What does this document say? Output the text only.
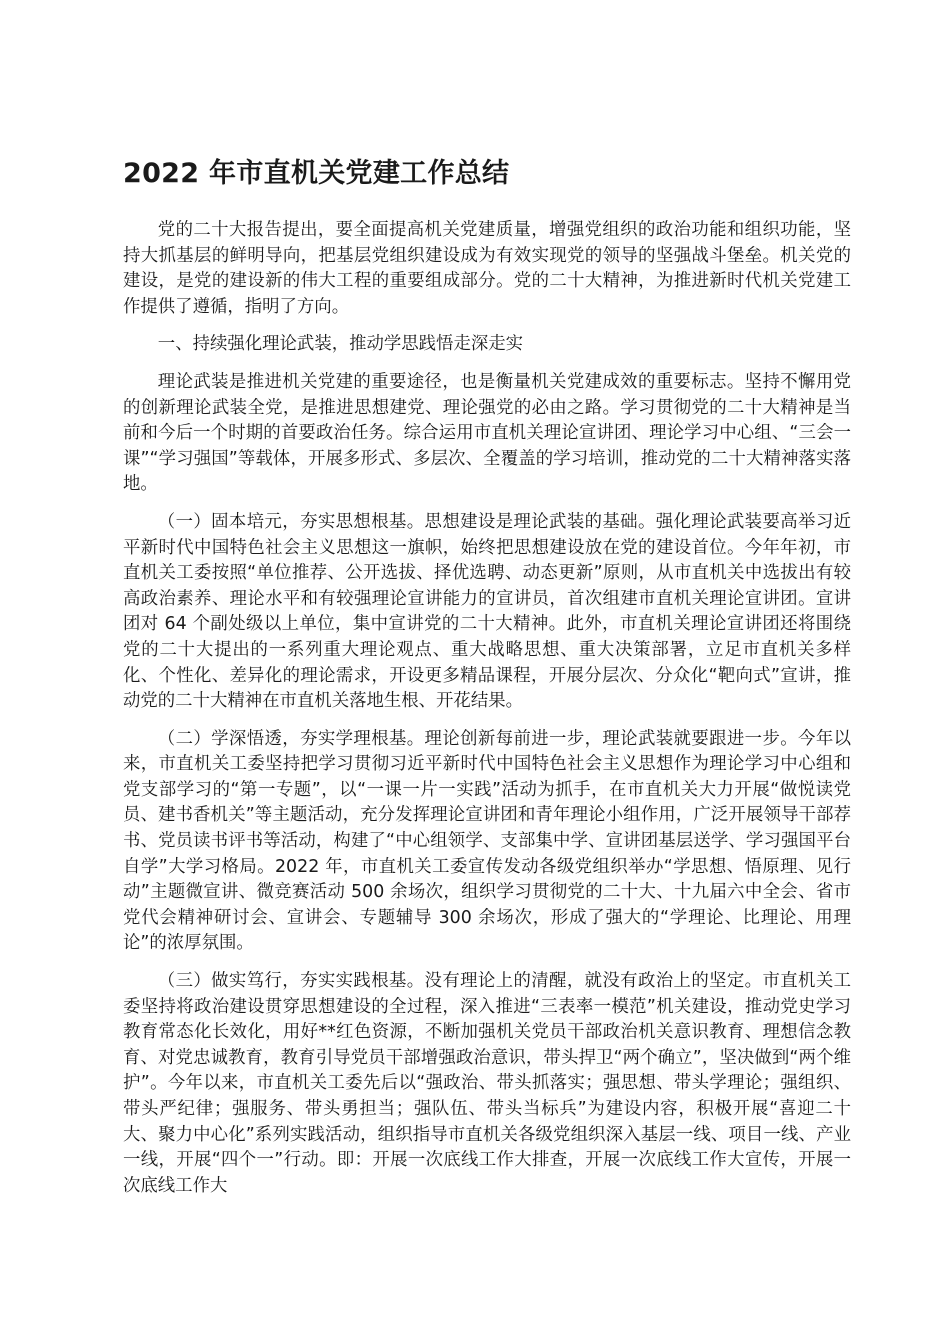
2022 年市直机关党建工作总结

党的二十大报告提出，要全面提高机关党建质量，增强党组织的政治功能和组织功能，坚持大抓基层的鲜明导向，把基层党组织建设成为有效实现党的领导的坚强战斗堡垒。机关党的建设，是党的建设新的伟大工程的重要组成部分。党的二十大精神，为推进新时代机关党建工作提供了遵循，指明了方向。

一、持续强化理论武装，推动学思践悟走深走实

理论武装是推进机关党建的重要途径，也是衡量机关党建成效的重要标志。坚持不懈用党的创新理论武装全党，是推进思想建党、理论强党的必由之路。学习贯彻党的二十大精神是当前和今后一个时期的首要政治任务。综合运用市直机关理论宣讲团、理论学习中心组、“三会一课”“学习强国”等载体，开展多形式、多层次、全覆盖的学习培训，推动党的二十大精神落实落地。

（一）固本培元，夯实思想根基。思想建设是理论武装的基础。强化理论武装要高举习近平新时代中国特色社会主义思想这一旗帜，始终把思想建设放在党的建设首位。今年年初，市直机关工委按照“单位推荐、公开选拔、择优选聘、动态更新”原则，从市直机关中选拔出有较高政治素养、理论水平和有较强理论宣讲能力的宣讲员，首次组建市直机关理论宣讲团。宣讲团对 64 个副处级以上单位，集中宣讲党的二十大精神。此外，市直机关理论宣讲团还将围绕党的二十大提出的一系列重大理论观点、重大战略思想、重大决策部署，立足市直机关多样化、个性化、差异化的理论需求，开设更多精品课程，开展分层次、分众化“靶向式”宣讲，推动党的二十大精神在市直机关落地生根、开花结果。

（二）学深悟透，夯实学理根基。理论创新每前进一步，理论武装就要跟进一步。今年以来，市直机关工委坚持把学习贯彻习近平新时代中国特色社会主义思想作为理论学习中心组和党支部学习的“第一专题”，以“一课一片一实践”活动为抓手，在市直机关大力开展“做悦读党员、建书香机关”等主题活动，充分发挥理论宣讲团和青年理论小组作用，广泛开展领导干部荐书、党员读书评书等活动，构建了“中心组领学、支部集中学、宣讲团基层送学、学习强国平台自学”大学习格局。2022 年，市直机关工委宣传发动各级党组织举办“学思想、悟原理、见行动”主题微宣讲、微竞赛活动 500 余场次，组织学习贯彻党的二十大、十九届六中全会、省市党代会精神研讨会、宣讲会、专题辅导 300 余场次，形成了强大的“学理论、比理论、用理论”的浓厚氛围。

（三）做实笃行，夯实实践根基。没有理论上的清醒，就没有政治上的坚定。市直机关工委坚持将政治建设贯穿思想建设的全过程，深入推进“三表率一模范”机关建设，推动党史学习教育常态化长效化，用好**红色资源，不断加强机关党员干部政治机关意识教育、理想信念教育、对党忠诚教育，教育引导党员干部增强政治意识，带头捍卫“两个确立”，坚决做到“两个维护”。今年以来，市直机关工委先后以“强政治、带头抓落实；强思想、带头学理论；强组织、带头严纪律；强服务、带头勇担当；强队伍、带头当标兵”为建设内容，积极开展“喜迎二十大、聚力中心化”系列实践活动，组织指导市直机关各级党组织深入基层一线、项目一线、产业一线，开展“四个一”行动。即：开展一次底线工作大排查，开展一次底线工作大宣传，开展一次底线工作大
